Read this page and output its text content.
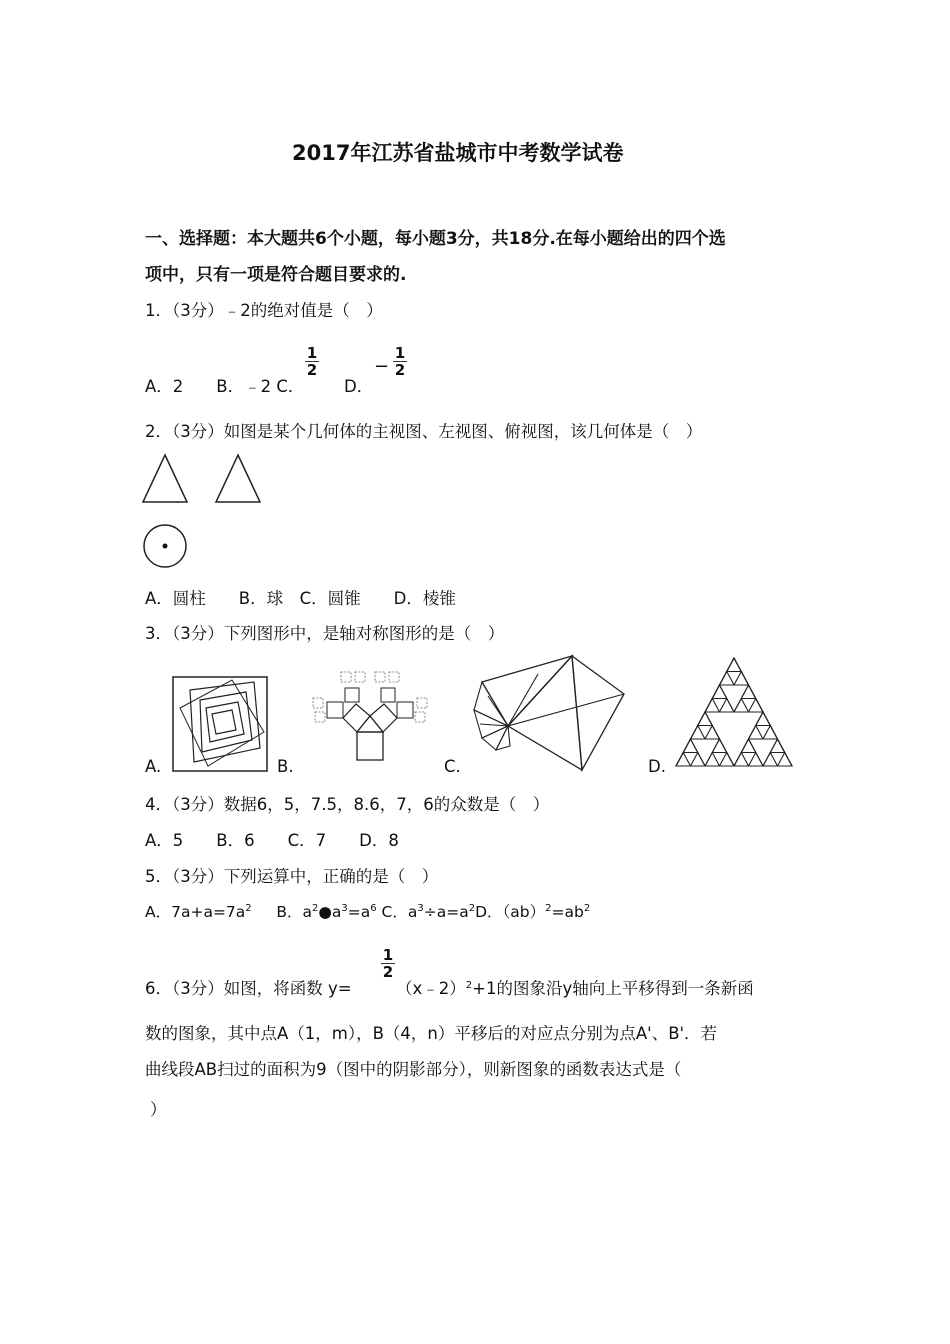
2017年江苏省盐城市中考数学试卷
一、选择题：本大题共6个小题，每小题3分，共18分.在每小题给出的四个选
项中，只有一项是符合题目要求的.
1．（3分）﹣2的绝对值是（　）
A．2　　B．﹣2 C．
1
2
D．
−
1
2
2．（3分）如图是某个几何体的主视图、左视图、俯视图，该几何体是（　）
A．圆柱　　B．球　C．圆锥　　D．棱锥
3．（3分）下列图形中，是轴对称图形的是（　）
A.	B.	C.	D.
4．（3分）数据6，5，7.5，8.6，7，6的众数是（　）
A．5　　B．6　　C．7　　D．8
5．（3分）下列运算中，正确的是（　）
A．$7a+a=7a^2$ B．$a^2●a^3=a^6$ C．$a^3\div a=a^2D$．$(ab)^2=ab^2$
6．（3分）如图，将函数 y=
1
2
（x﹣2）$^2$+1的图象沿y轴向上平移得到一条新函
数的图象，其中点A（1，m），B（4，n）平移后的对应点分别为点A'、B'．若
曲线段AB扫过的面积为9（图中的阴影部分），则新图象的函数表达式是（
）
